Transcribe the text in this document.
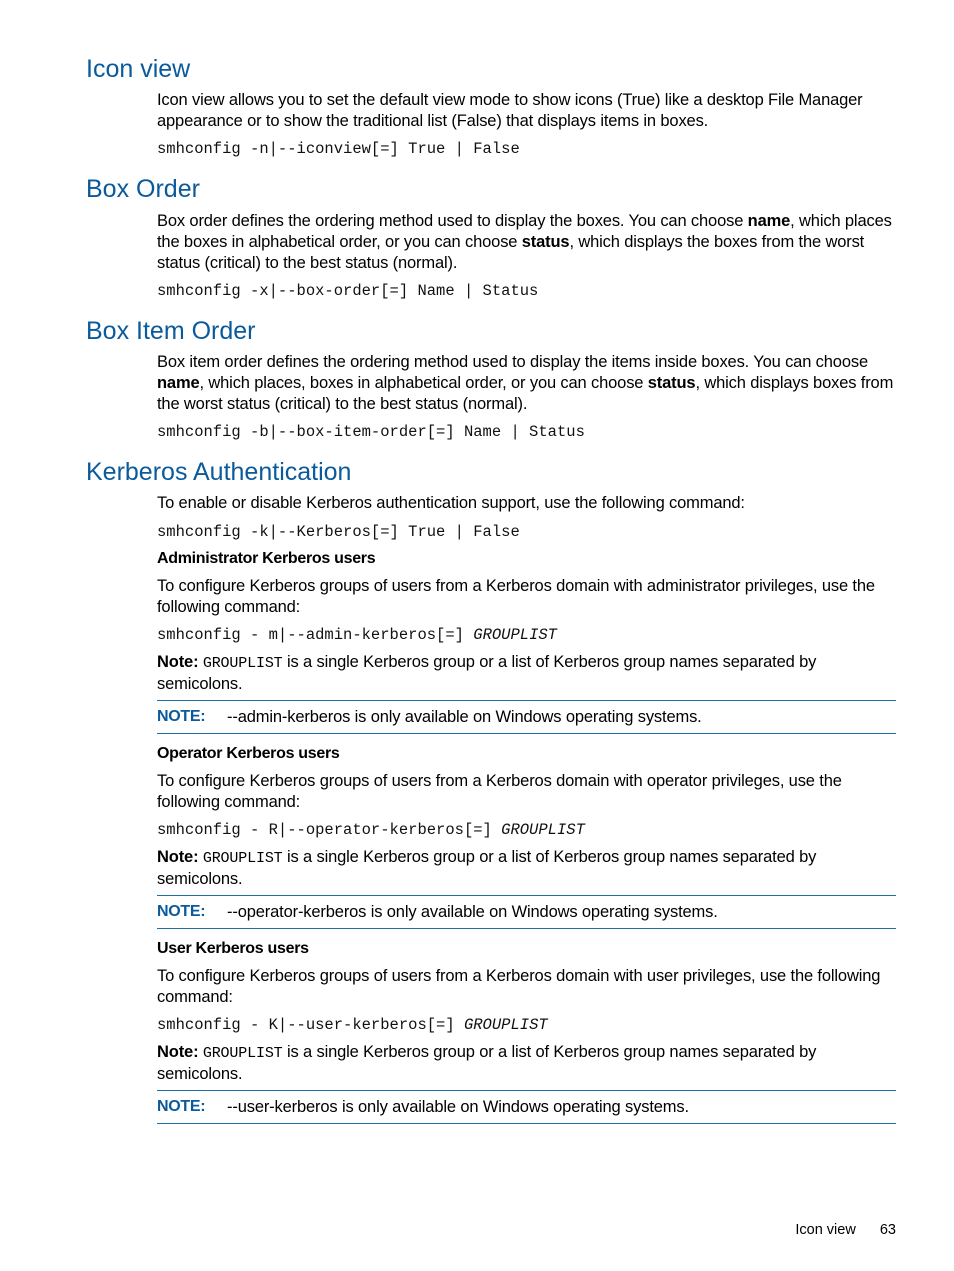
Icon view

Icon view allows you to set the default view mode to show icons (True) like a desktop File Manager appearance or to show the traditional list (False) that displays items in boxes.

smhconfig -n|--iconview[=] True | False
Box Order

Box order defines the ordering method used to display the boxes. You can choose name, which places the boxes in alphabetical order, or you can choose status, which displays the boxes from the worst status (critical) to the best status (normal).

smhconfig -x|--box-order[=] Name | Status
Box Item Order

Box item order defines the ordering method used to display the items inside boxes. You can choose name, which places, boxes in alphabetical order, or you can choose status, which displays boxes from the worst status (critical) to the best status (normal).

smhconfig -b|--box-item-order[=] Name | Status
Kerberos Authentication

To enable or disable Kerberos authentication support, use the following command:

smhconfig -k|--Kerberos[=] True | False
Administrator Kerberos users

To configure Kerberos groups of users from a Kerberos domain with administrator privileges, use the following command:

smhconfig - m|--admin-kerberos[=] GROUPLIST

Note: GROUPLIST is a single Kerberos group or a list of Kerberos group names separated by semicolons.

NOTE: --admin-kerberos is only available on Windows operating systems.
Operator Kerberos users

To configure Kerberos groups of users from a Kerberos domain with operator privileges, use the following command:

smhconfig - R|--operator-kerberos[=] GROUPLIST

Note: GROUPLIST is a single Kerberos group or a list of Kerberos group names separated by semicolons.

NOTE: --operator-kerberos is only available on Windows operating systems.
User Kerberos users

To configure Kerberos groups of users from a Kerberos domain with user privileges, use the following command:

smhconfig - K|--user-kerberos[=] GROUPLIST

Note: GROUPLIST is a single Kerberos group or a list of Kerberos group names separated by semicolons.

NOTE: --user-kerberos is only available on Windows operating systems.
Icon view 63
